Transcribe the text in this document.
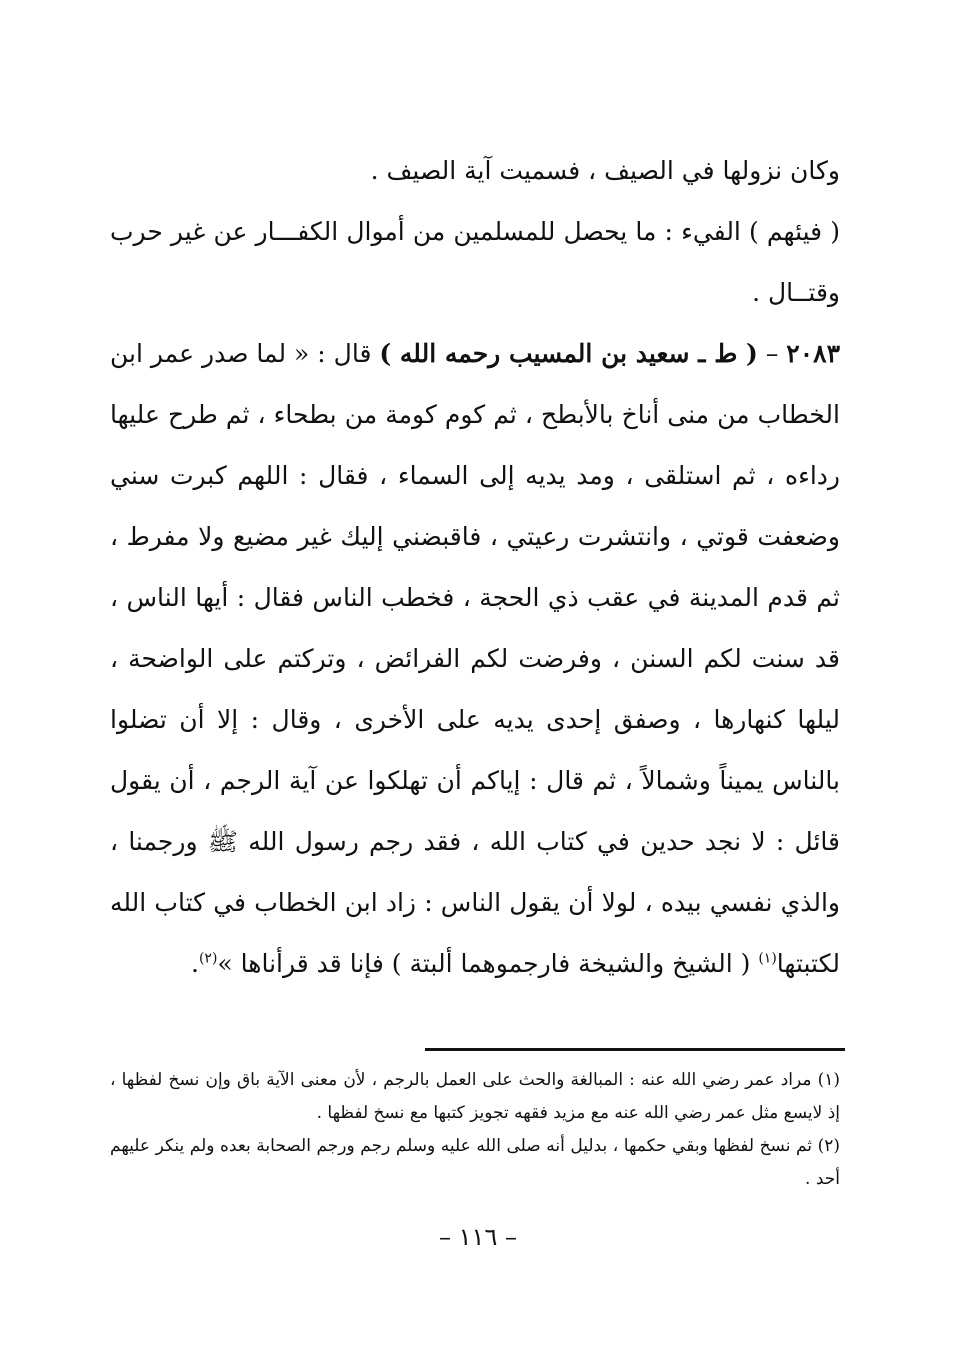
وكان نزولها في الصيف ، فسميت آية الصيف .

( فيئهم ) الفيء : ما يحصل للمسلمين من أموال الكفـــار عن غير حرب وقتــال .

٢٠٨٣ – ( ط ـ سعيد بن المسيب رحمه الله ) قال : « لما صدر عمر ابن الخطاب من منى أناخ بالأبطح ، ثم كوم كومة من بطحاء ، ثم طرح عليها رداءه ، ثم استلقى ، ومد يديه إلى السماء ، فقال : اللهم كبرت سني وضعفت قوتي ، وانتشرت رعيتي ، فاقبضني إليك غير مضيع ولا مفرط ، ثم قدم المدينة في عقب ذي الحجة ، فخطب الناس فقال : أيها الناس ، قد سنت لكم السنن ، وفرضت لكم الفرائض ، وتركتم على الواضحة ، ليلها كنهارها ، وصفق إحدى يديه على الأخرى ، وقال : إلا أن تضلوا بالناس يميناً وشمالاً ، ثم قال : إياكم أن تهلكوا عن آية الرجم ، أن يقول قائل : لا نجد حدين في كتاب الله ، فقد رجم رسول الله ﷺ ورجمنا ، والذي نفسي بيده ، لولا أن يقول الناس : زاد ابن الخطاب في كتاب الله لكتبتها$^{(١)}$ ( الشيخ والشيخة فارجموهما ألبتة ) فإنا قد قرأناها »$^{(٢)}$.

(١) مراد عمر رضي الله عنه : المبالغة والحث على العمل بالرجم ، لأن معنى الآية باق وإن نسخ لفظها ، إذ لايسع مثل عمر رضي الله عنه مع مزيد فقهه تجويز كتبها مع نسخ لفظها .

(٢) ثم نسخ لفظها وبقي حكمها ، بدليل أنه صلى الله عليه وسلم رجم ورجم الصحابة بعده ولم ينكر عليهم أحد .

– ١١٦ –
